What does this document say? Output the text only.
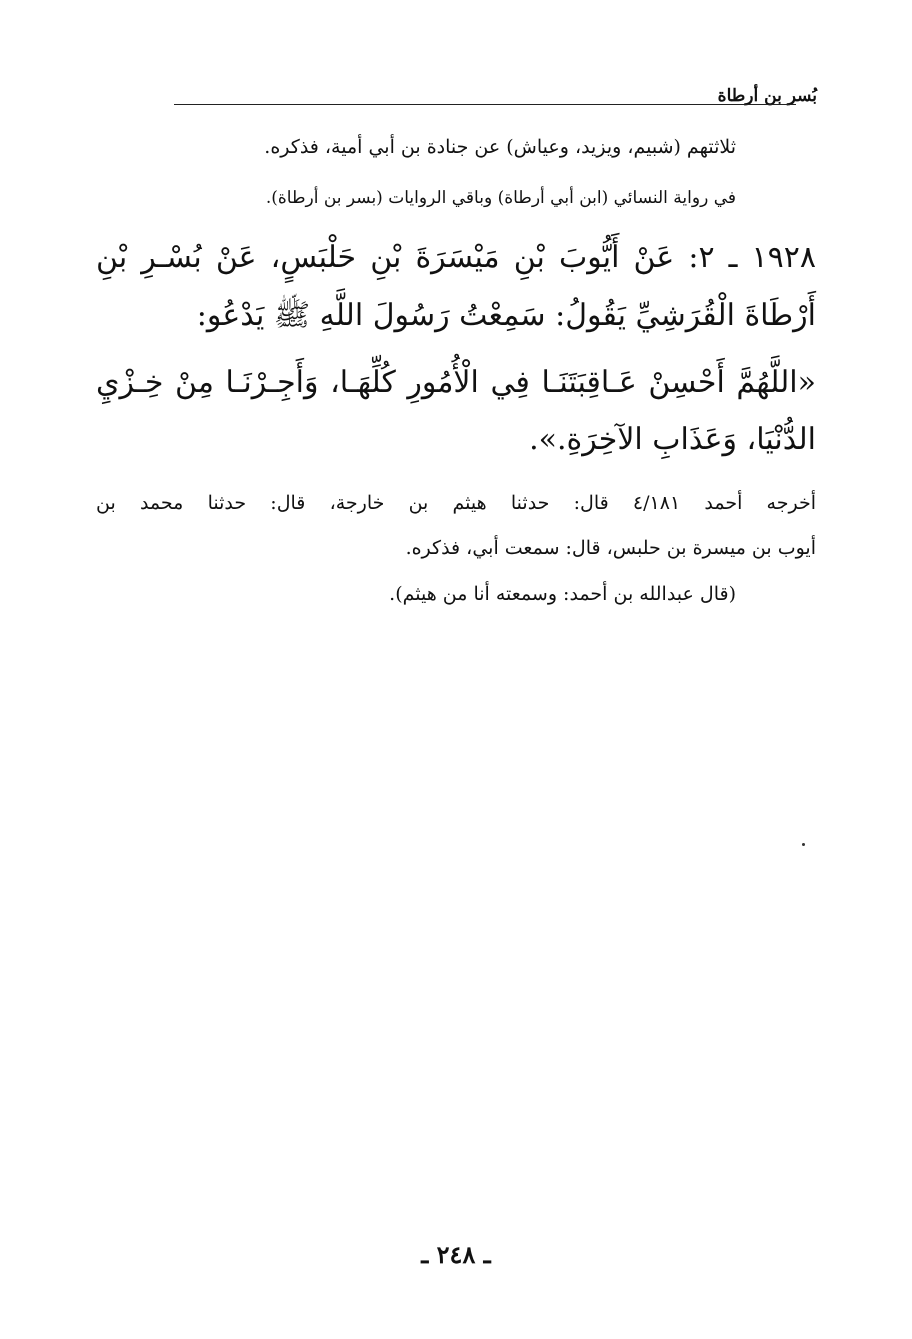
بُسر بن أرطاة
ثلاثتهم (شبيم، ويزيد، وعياش) عن جنادة بن أبي أمية، فذكره.
في رواية النسائي (ابن أبي أرطاة) وباقي الروايات (بسر بن أرطاة).
١٩٢٨ ـ ٢: عَنْ أَيُّوبَ بْنِ مَيْسَرَةَ بْنِ حَلْبَسٍ، عَنْ بُسْـرِ بْنِ
أَرْطَاةَ الْقُرَشِيِّ يَقُولُ: سَمِعْتُ رَسُولَ اللَّهِ ﷺ يَدْعُو:
«اللَّهُمَّ أَحْسِنْ عَـاقِبَتَنَـا فِي الْأُمُورِ كُلِّهَـا، وَأَجِـرْنَـا مِنْ خِـزْيِ
الدُّنْيَا، وَعَذَابِ الآخِرَةِ.».
أخرجه أحمد ٤/١٨١ قال: حدثنا هيثم بن خارجة، قال: حدثنا محمد بن
أيوب بن ميسرة بن حلبس، قال: سمعت أبي، فذكره.
(قال عبدالله بن أحمد: وسمعته أنا من هيثم).
ـ ٢٤٨ ـ
